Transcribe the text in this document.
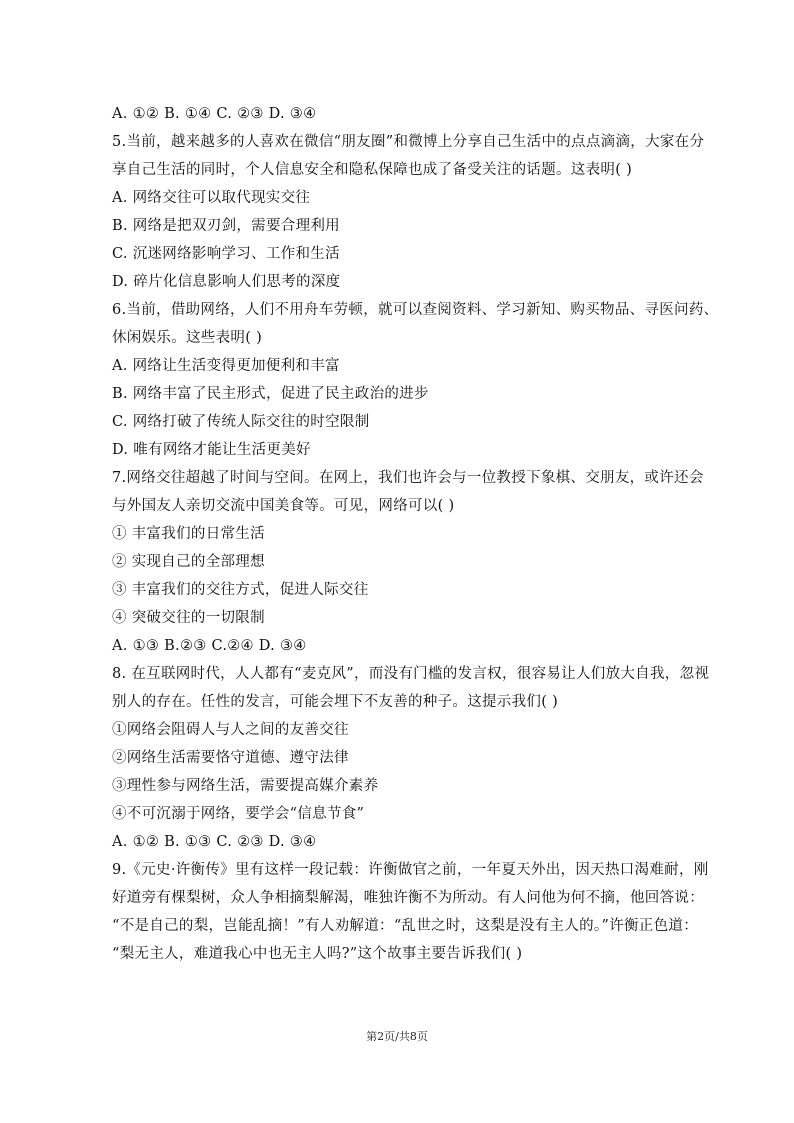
A. ①② B. ①④ C. ②③ D. ③④
5.当前，越来越多的人喜欢在微信“朋友圈”和微博上分享自己生活中的点点滴滴，大家在分
享自己生活的同时，个人信息安全和隐私保障也成了备受关注的话题。这表明( )
A. 网络交往可以取代现实交往
B. 网络是把双刃剑，需要合理利用
C. 沉迷网络影响学习、工作和生活
D. 碎片化信息影响人们思考的深度
6.当前，借助网络，人们不用舟车劳顿，就可以查阅资料、学习新知、购买物品、寻医问药、
休闲娱乐。这些表明( )
A. 网络让生活变得更加便利和丰富
B. 网络丰富了民主形式，促进了民主政治的进步
C. 网络打破了传统人际交往的时空限制
D. 唯有网络才能让生活更美好
7.网络交往超越了时间与空间。在网上，我们也许会与一位教授下象棋、交朋友，或许还会
与外国友人亲切交流中国美食等。可见，网络可以( )
① 丰富我们的日常生活
② 实现自己的全部理想
③ 丰富我们的交往方式，促进人际交往
④ 突破交往的一切限制
A. ①③ B.②③ C.②④ D. ③④
8. 在互联网时代，人人都有“麦克风”，而没有门槛的发言权，很容易让人们放大自我，忽视
别人的存在。任性的发言，可能会埋下不友善的种子。这提示我们( )
①网络会阻碍人与人之间的友善交往
②网络生活需要恪守道德、遵守法律
③理性参与网络生活，需要提高媒介素养
④不可沉溺于网络，要学会“信息节食”
A. ①② B. ①③ C. ②③ D. ③④
9.《元史·许衡传》里有这样一段记载：许衡做官之前，一年夏天外出，因天热口渴难耐，刚
好道旁有棵梨树，众人争相摘梨解渴，唯独许衡不为所动。有人问他为何不摘，他回答说：
“不是自己的梨，岂能乱摘！”有人劝解道：“乱世之时，这梨是没有主人的。”许衡正色道：
“梨无主人，难道我心中也无主人吗?”这个故事主要告诉我们( )
第2页/共8页
